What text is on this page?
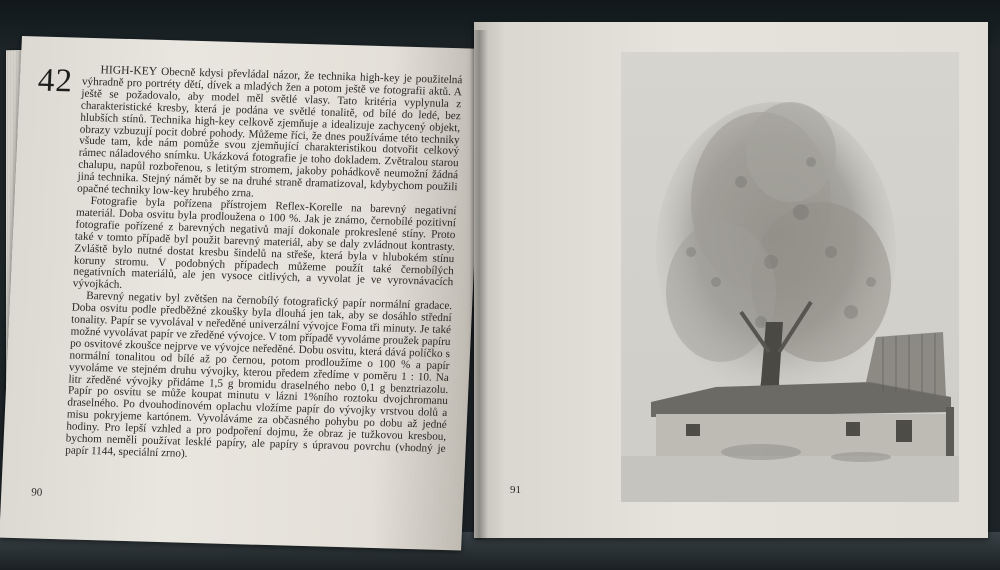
42	HIGH-KEY Obecně kdysi převládal názor, že technika high-key je použitelná výhradně pro portréty dětí, dívek a mladých žen a potom ještě ve fotografii aktů. A ještě se požadovalo, aby model měl světlé vlasy. Tato kritéria vyplynula z charakteristické kresby, která je podána ve světlé tonalitě, od bílé do ledé, bez hlubších stínů. Technika high-key celkově zjemňuje a idealizuje zachycený objekt, obrazy vzbuzují pocit dobré pohody. Můžeme říci, že dnes používáme této techniky všude tam, kde nám pomůže svou zjemňující charakteristikou dotvořit celkový rámec náladového snímku. Ukázková fotografie je toho dokladem. Zvětralou starou chalupu, napůl rozbořenou, s letitým stromem, jakoby pohádkově neumožní žádná jiná technika. Stejný námět by se na druhé straně dramatizoval, kdybychom použili opačné techniky low-key hrubého zrna.

Fotografie byla pořízena přístrojem Reflex-Korelle na barevný negativní materiál. Doba osvitu byla prodloužena o 100 %. Jak je známo, černobílé pozitivní fotografie pořízené z barevných negativů mají dokonale prokreslené stíny. Proto také v tomto případě byl použit barevný materiál, aby se daly zvládnout kontrasty. Zvláště bylo nutné dostat kresbu šindelů na střeše, která byla v hlubokém stínu koruny stromu. V podobných případech můžeme použít také černobílých negativních materiálů, ale jen vysoce citlivých, a vyvolat je ve vyrovnávacích vývojkách.

Barevný negativ byl zvětšen na černobílý fotografický papír normální gradace. Doba osvitu podle předběžné zkoušky byla dlouhá jen tak, aby se dosáhlo střední tonality. Papír se vyvolával v neředěné univerzální vývojce Foma tři minuty. Je také možné vyvolávat papír ve zředěné vývojce. V tom případě vyvoláme proužek papíru po osvitové zkoušce nejprve ve vývojce neředěné. Dobu osvitu, která dává políčko s normální tonalitou od bílé až po černou, potom prodloužíme o 100 % a papír vyvoláme ve stejném druhu vývojky, kterou předem zředíme v poměru 1 : 10. Na litr zředěné vývojky přidáme 1,5 g bromidu draselného nebo 0,1 g benztriazolu. Papír po osvitu se může koupat minutu v lázni 1%ního roztoku dvojchromanu draselného. Po dvouhodinovém oplachu vložíme papír do vývojky vrstvou dolů a misu pokryjeme kartónem. Vyvoláváme za občasného pohybu po dobu až jedné hodiny. Pro lepší vzhled a pro podpoření dojmu, že obraz je tužkovou kresbou, bychom neměli používat lesklé papíry, ale papíry s úpravou povrchu (vhodný je papír 1144, speciální zrno).

90	91
